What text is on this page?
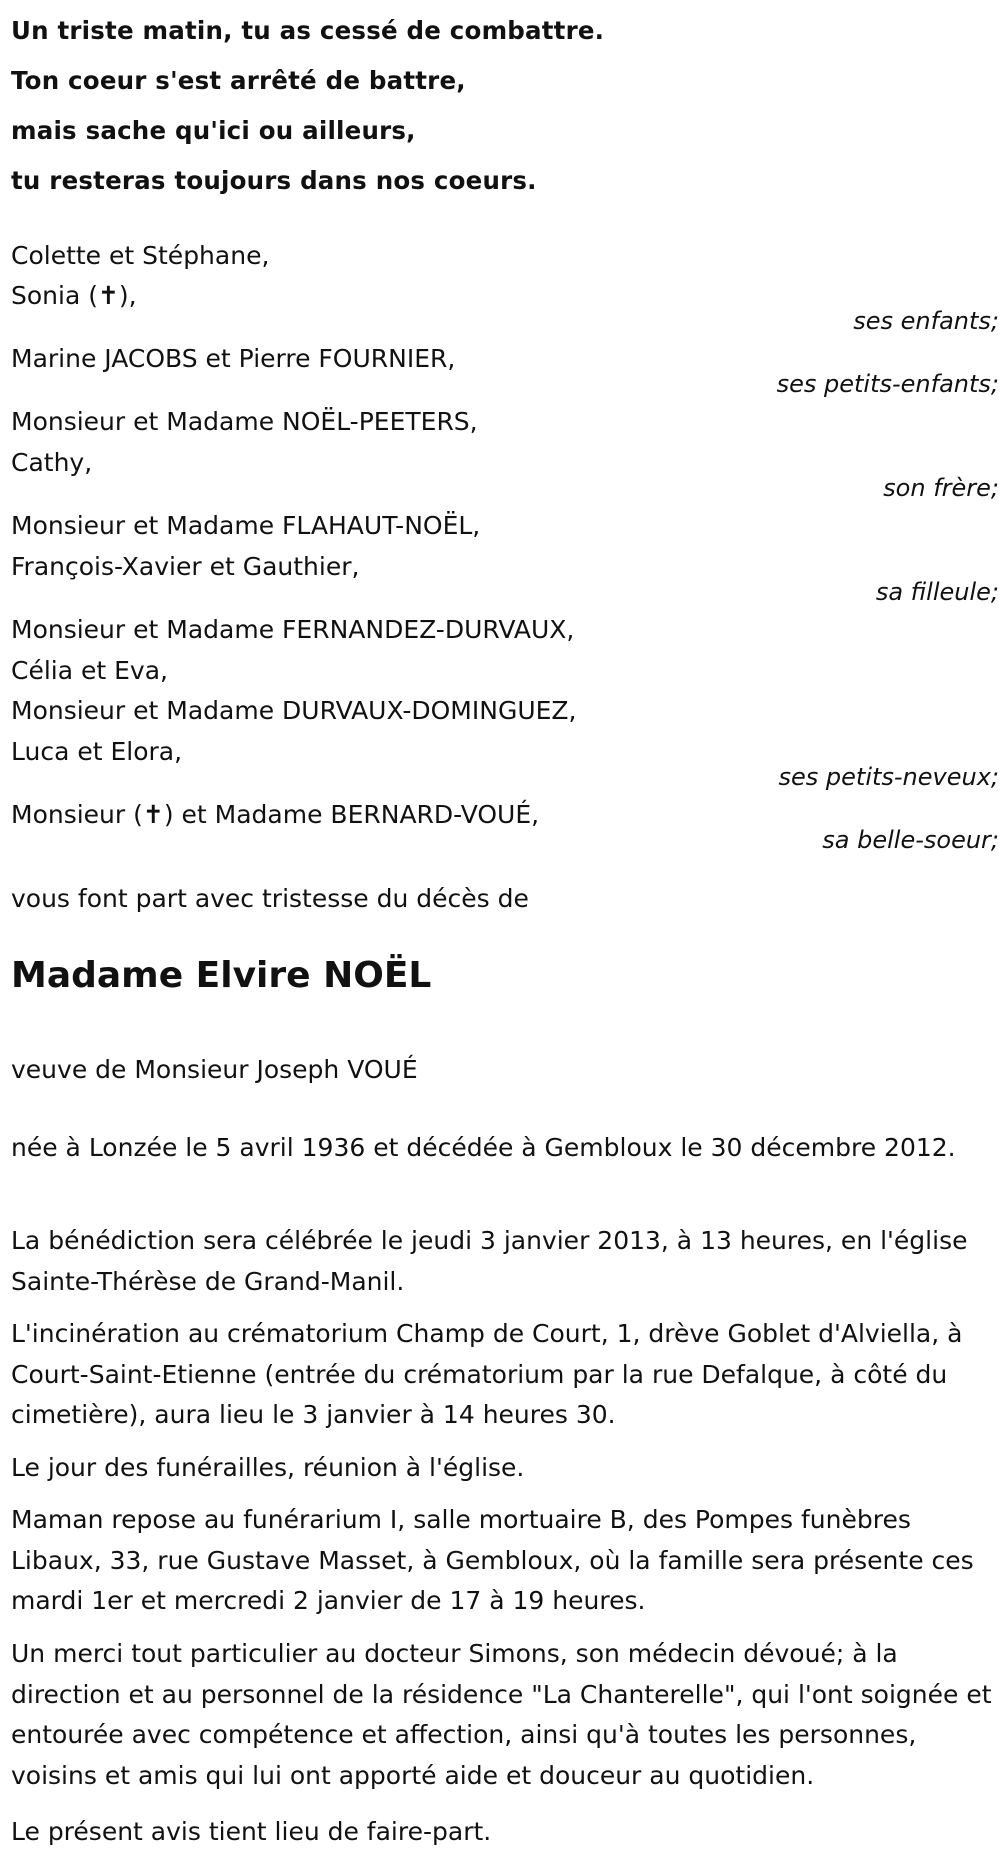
Un triste matin, tu as cessé de combattre.
Ton coeur s'est arrêté de battre,
mais sache qu'ici ou ailleurs,
tu resteras toujours dans nos coeurs.
Colette et Stéphane,
Sonia (✝),
ses enfants;
Marine JACOBS et Pierre FOURNIER,
ses petits-enfants;
Monsieur et Madame NOËL-PEETERS,
Cathy,
son frère;
Monsieur et Madame FLAHAUT-NOËL,
François-Xavier et Gauthier,
sa filleule;
Monsieur et Madame FERNANDEZ-DURVAUX,
Célia et Eva,
Monsieur et Madame DURVAUX-DOMINGUEZ,
Luca et Elora,
ses petits-neveux;
Monsieur (✝) et Madame BERNARD-VOUÉ,
sa belle-soeur;
vous font part avec tristesse du décès de
Madame Elvire NOËL
veuve de Monsieur Joseph VOUÉ
née à Lonzée le 5 avril 1936 et décédée à Gembloux le 30 décembre 2012.
La bénédiction sera célébrée le jeudi 3 janvier 2013, à 13 heures, en l'église Sainte-Thérèse de Grand-Manil.
L'incinération au crématorium Champ de Court, 1, drève Goblet d'Alviella, à Court-Saint-Etienne (entrée du crématorium par la rue Defalque, à côté du cimetière), aura lieu le 3 janvier à 14 heures 30.
Le jour des funérailles, réunion à l'église.
Maman repose au funérarium I, salle mortuaire B, des Pompes funèbres Libaux, 33, rue Gustave Masset, à Gembloux, où la famille sera présente ces mardi 1er et mercredi 2 janvier de 17 à 19 heures.
Un merci tout particulier au docteur Simons, son médecin dévoué; à la direction et au personnel de la résidence "La Chanterelle", qui l'ont soignée et entourée avec compétence et affection, ainsi qu'à toutes les personnes, voisins et amis qui lui ont apporté aide et douceur au quotidien.
Le présent avis tient lieu de faire-part.
